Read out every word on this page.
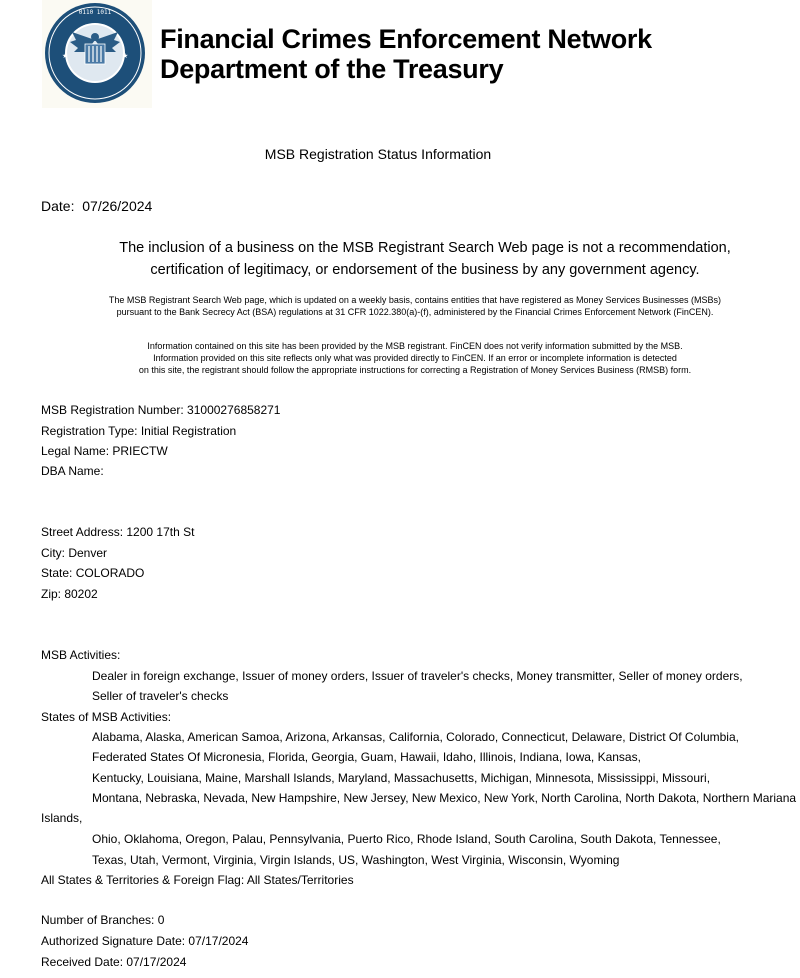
★	★
0110 1011
Financial Crimes Enforcement Network
Department of the Treasury
MSB Registration Status Information
Date:  07/26/2024
The inclusion of a business on the MSB Registrant Search Web page is not a recommendation,
certification of legitimacy, or endorsement of the business by any government agency.
The MSB Registrant Search Web page, which is updated on a weekly basis, contains entities that have registered as Money Services Businesses (MSBs)
pursuant to the Bank Secrecy Act (BSA) regulations at 31 CFR 1022.380(a)-(f), administered by the Financial Crimes Enforcement Network (FinCEN).
Information contained on this site has been provided by the MSB registrant. FinCEN does not verify information submitted by the MSB.
Information provided on this site reflects only what was provided directly to FinCEN. If an error or incomplete information is detected
on this site, the registrant should follow the appropriate instructions for correcting a Registration of Money Services Business (RMSB) form.
MSB Registration Number: 31000276858271
Registration Type: Initial Registration
Legal Name: PRIECTW
DBA Name:
Street Address: 1200 17th St
City: Denver
State: COLORADO
Zip: 80202
MSB Activities:
Dealer in foreign exchange, Issuer of money orders, Issuer of traveler's checks, Money transmitter, Seller of money orders,
Seller of traveler's checks
States of MSB Activities:
Alabama, Alaska, American Samoa, Arizona, Arkansas, California, Colorado, Connecticut, Delaware, District Of Columbia,
Federated States Of Micronesia, Florida, Georgia, Guam, Hawaii, Idaho, Illinois, Indiana, Iowa, Kansas,
Kentucky, Louisiana, Maine, Marshall Islands, Maryland, Massachusetts, Michigan, Minnesota, Mississippi, Missouri,
Montana, Nebraska, Nevada, New Hampshire, New Jersey, New Mexico, New York, North Carolina, North Dakota, Northern Mariana
Islands,
Ohio, Oklahoma, Oregon, Palau, Pennsylvania, Puerto Rico, Rhode Island, South Carolina, South Dakota, Tennessee,
Texas, Utah, Vermont, Virginia, Virgin Islands, US, Washington, West Virginia, Wisconsin, Wyoming
All States & Territories & Foreign Flag: All States/Territories
Number of Branches: 0
Authorized Signature Date: 07/17/2024
Received Date: 07/17/2024
